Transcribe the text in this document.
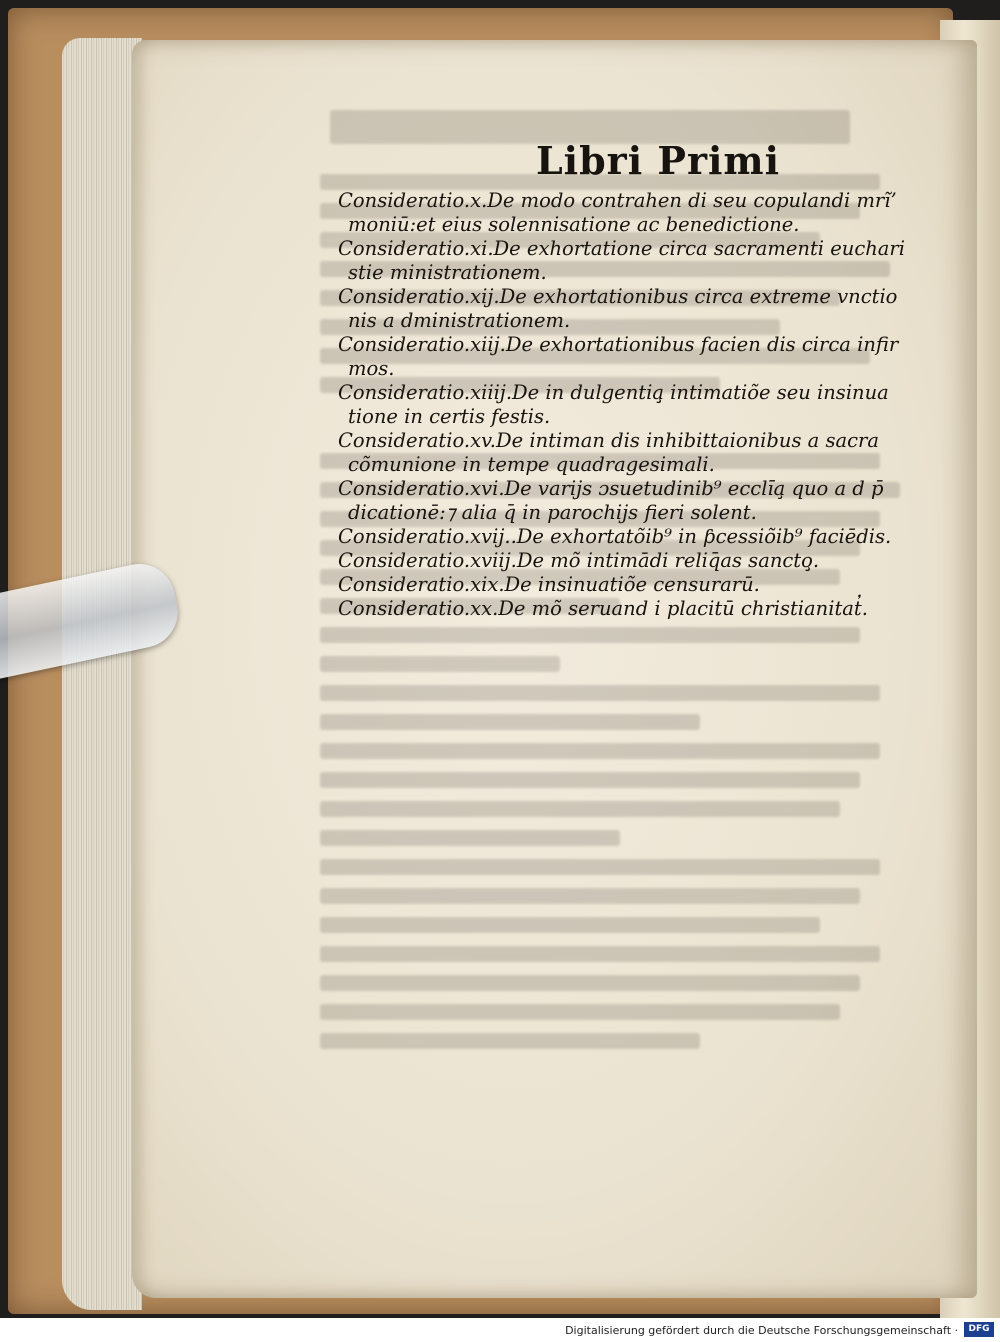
Libri Primi

Consideratio.x.De modo contrahen di seu copulandi mrĩ’

moniū:et eius solennisatione ac benedictione.

Consideratio.xi.De exhortatione circa sacramenti euchari

stie ministrationem.

Consideratio.xij.De exhortationibus circa extreme vnctio

nis a dministrationem.

Consideratio.xiij.De exhortationibus facien dis circa infir

mos.

Consideratio.xiiij.De in dulgentia̧̧ intimatiõe seu insinua

tione in certis festis.

Consideratio.xv.De intiman dis inhibittaionibus a sacra

cõmunione in tempe quadragesimali.

Consideratio.xvi.De varijs ɔsuetudinib⁹ ecclı̄a̧ quo a d p̄

dicationē:⁊ alia q̄ in parochijs fieri solent.

Consideratio.xvij..De exhortatõib⁹ in ƥcessiõib⁹ faciēdis.

Consideratio.xviij.De mõ intimādi reliq̄as sancto̧̧.

Consideratio.xix.De insinuatiõe censurarū.

Consideratio.xx.De mõ seruand i placitū christianitat̓.

Digitalisierung gefördert durch die Deutsche Forschungsgemeinschaft ·	DFG
